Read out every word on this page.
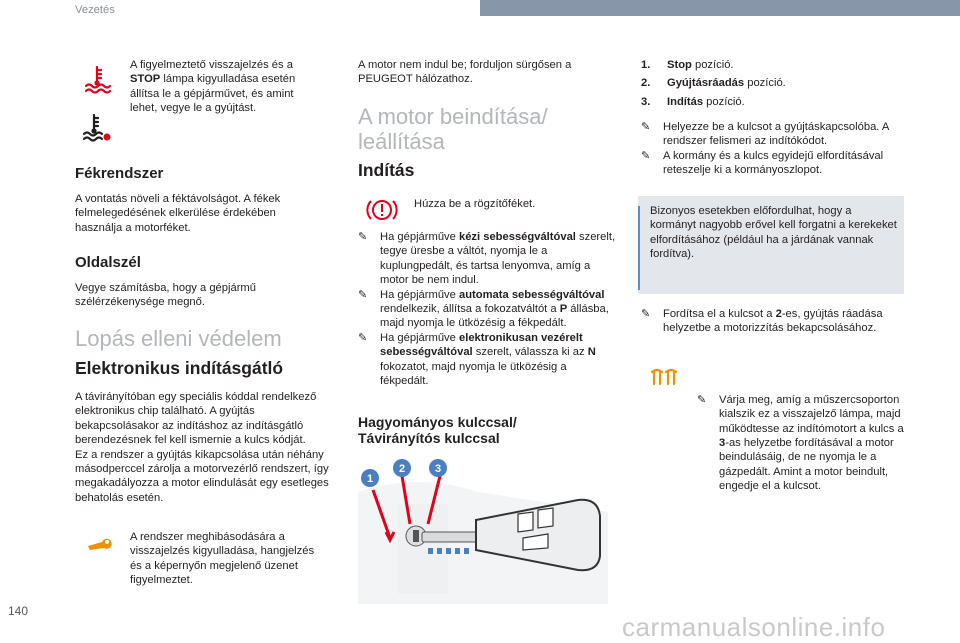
Vezetés
A figyelmeztető visszajelzés és a STOP lámpa kigyulladása esetén állítsa le a gépjárművet, és amint lehet, vegye le a gyújtást.
Fékrendszer
A vontatás növeli a féktávolságot. A fékek felmelegedésének elkerülése érdekében használja a motorféket.
Oldalszél
Vegye számításba, hogy a gépjármű szélérzékenysége megnő.
Lopás elleni védelem
Elektronikus indításgátló
A távirányítóban egy speciális kóddal rendelkező elektronikus chip található. A gyújtás bekapcsolásakor az indításhoz az indításgátló berendezésnek fel kell ismernie a kulcs kódját.
Ez a rendszer a gyújtás kikapcsolása után néhány másodperccel zárolja a motorvezérlő rendszert, így megakadályozza a motor elindulását egy esetleges behatolás esetén.
A rendszer meghibásodására a visszajelzés kigyulladása, hangjelzés és a képernyőn megjelenő üzenet figyelmeztet.
A motor nem indul be; forduljon sürgősen a PEUGEOT hálózathoz.
A motor beindítása/ leállítása
Indítás
Húzza be a rögzítőféket.
✎ Ha gépjárműve kézi sebességváltóval szerelt, tegye üresbe a váltót, nyomja le a kuplungpedált, és tartsa lenyomva, amíg a motor be nem indul.
✎ Ha gépjárműve automata sebességváltóval rendelkezik, állítsa a fokozatváltót a P állásba, majd nyomja le ütközésig a fékpedált.
✎ Ha gépjárműve elektronikusan vezérelt sebességváltóval szerelt, válassza ki az N fokozatot, majd nyomja le ütközésig a fékpedált.
Hagyományos kulccsal/ Távirányítós kulccsal
1
2	3
1. Stop pozíció.
2. Gyújtásráadás pozíció.
3. Indítás pozíció.
✎ Helyezze be a kulcsot a gyújtáskapcsolóba. A rendszer felismeri az indítókódot.
✎ A kormány és a kulcs egyidejű elfordításával reteszelje ki a kormányoszlopot.
Bizonyos esetekben előfordulhat, hogy a kormányt nagyobb erővel kell forgatni a kerekeket elfordításához (például ha a járdának vannak fordítva).
✎ Fordítsa el a kulcsot a 2-es, gyújtás ráadása helyzetbe a motorizzítás bekapcsolásához.
✎ Várja meg, amíg a műszercsoporton kialszik ez a visszajelző lámpa, majd működtesse az indítómotort a kulcs a 3-as helyzetbe fordításával a motor beindulásáig, de ne nyomja le a gázpedált. Amint a motor beindult, engedje el a kulcsot.
140
carmanualsonline.info
